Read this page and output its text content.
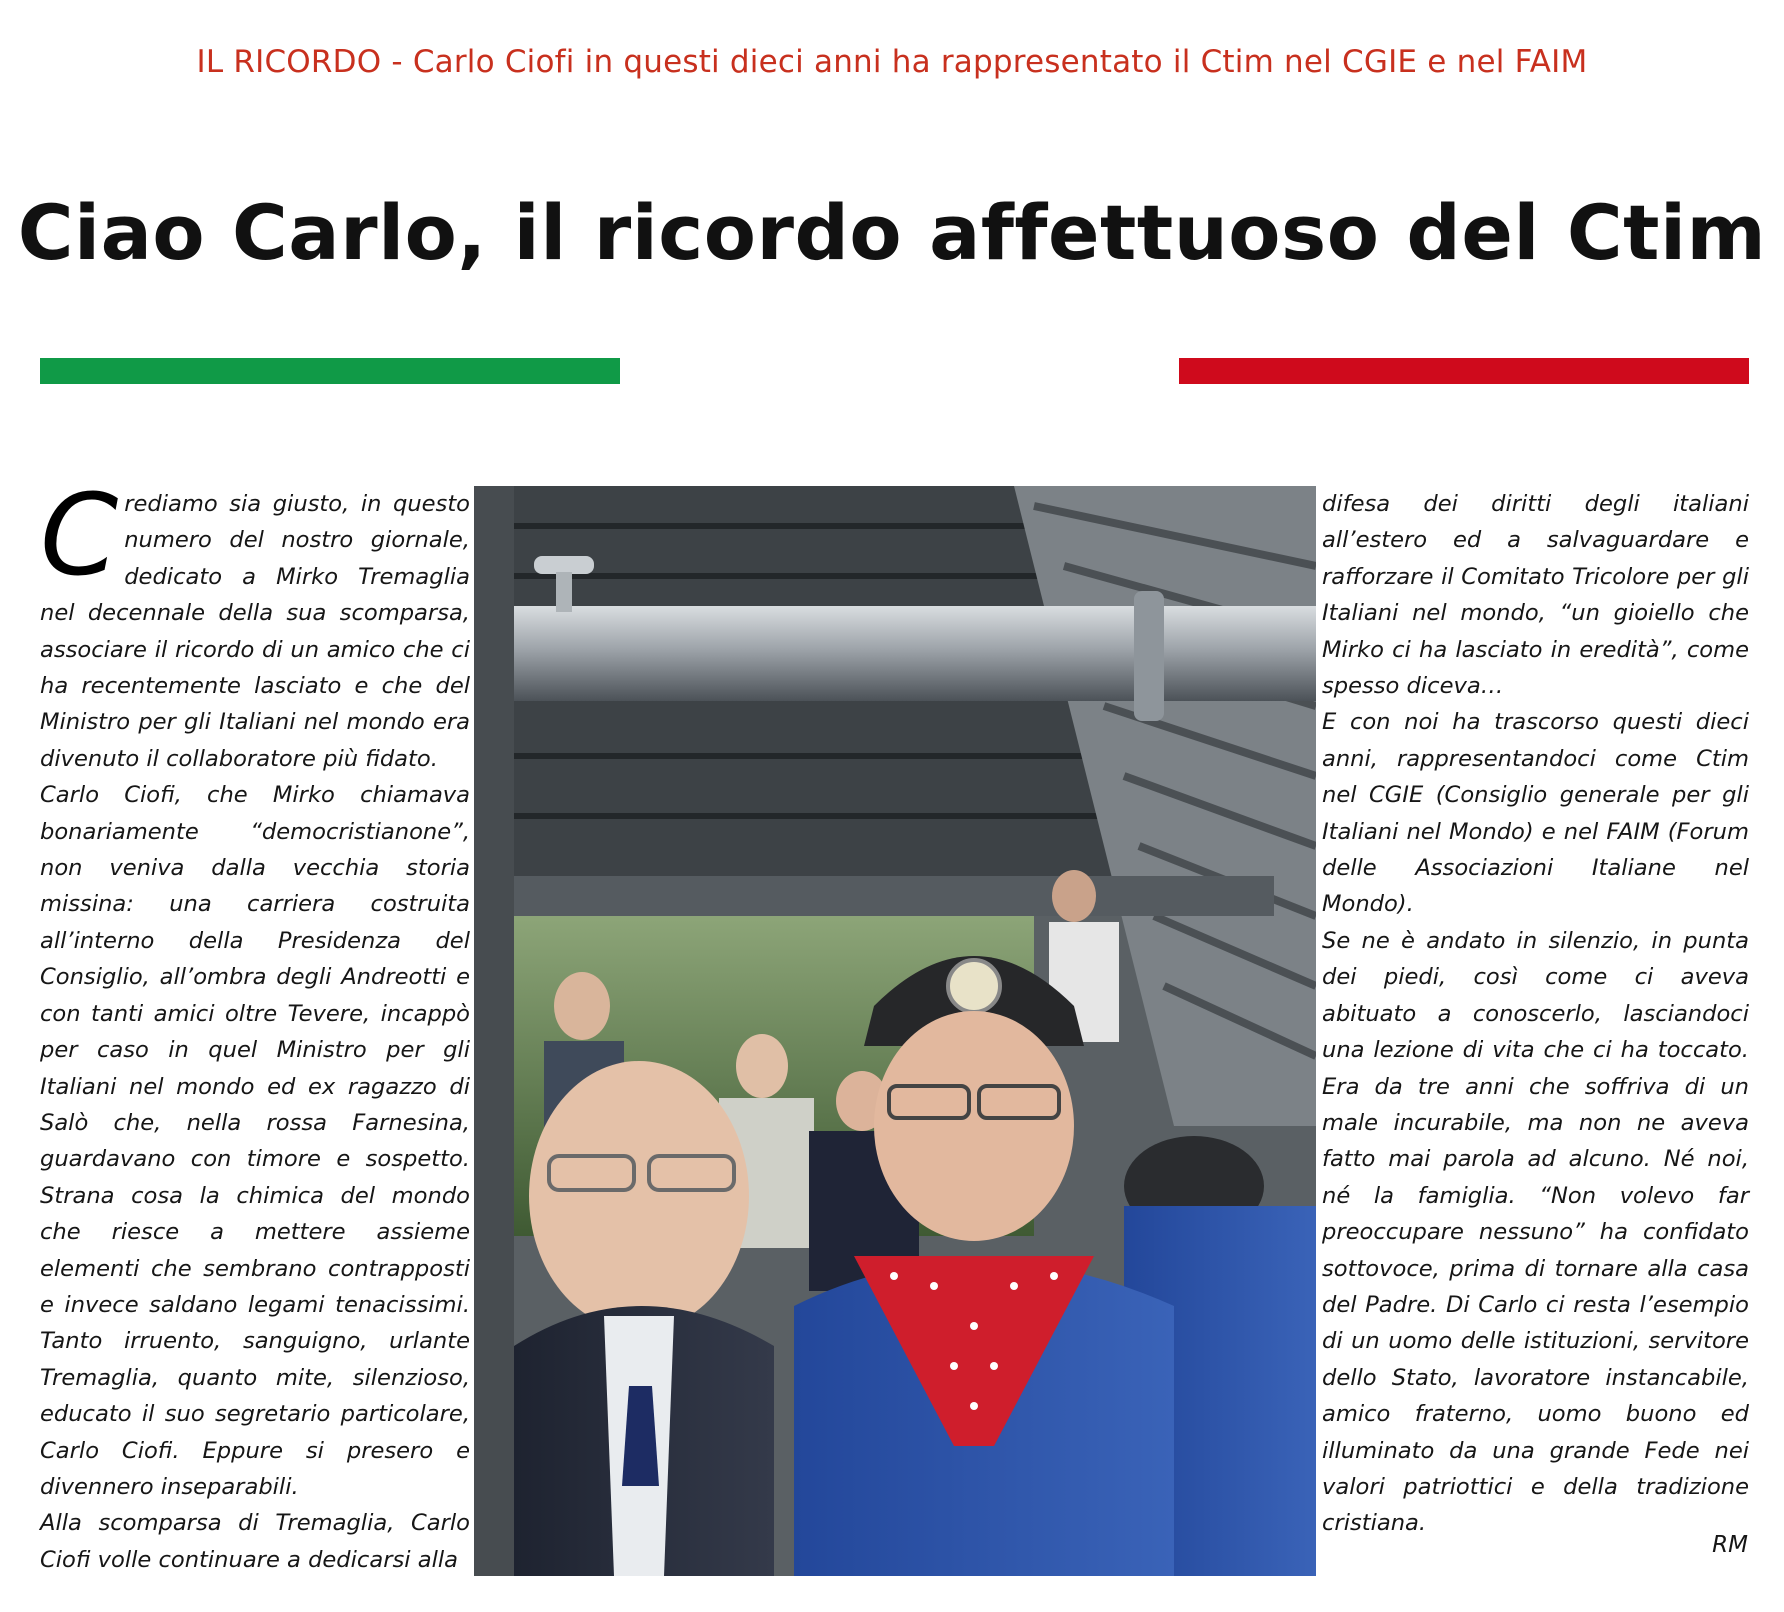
IL RICORDO - Carlo Ciofi in questi dieci anni ha rappresentato il Ctim nel CGIE e nel FAIM
Ciao Carlo, il ricordo affettuoso del Ctim

Crediamo sia giusto, in questo numero del nostro giornale, dedicato a Mirko Tremaglia nel decennale della sua scomparsa, associare il ricordo di un amico che ci ha recentemente lasciato e che del Ministro per gli Italiani nel mondo era divenuto il collaboratore più fidato.

Carlo Ciofi, che Mirko chiamava bonariamente “democristianone”, non veniva dalla vecchia storia missina: una carriera costruita all’interno della Presidenza del Consiglio, all’ombra degli Andreotti e con tanti amici oltre Tevere, incappò per caso in quel Ministro per gli Italiani nel mondo ed ex ragazzo di Salò che, nella rossa Farnesina, guardavano con timore e sospetto. Strana cosa la chimica del mondo che riesce a mettere assieme elementi che sembrano contrapposti e invece saldano legami tenacissimi. Tanto irruento, sanguigno, urlante Tremaglia, quanto mite, silenzioso, educato il suo segretario particolare, Carlo Ciofi. Eppure si presero e divennero inseparabili.

Alla scomparsa di Tremaglia, Carlo Ciofi volle continuare a dedicarsi alla

difesa dei diritti degli italiani all’estero ed a salvaguardare e rafforzare il Comitato Tricolore per gli Italiani nel mondo, “un gioiello che Mirko ci ha lasciato in eredità”, come spesso diceva…

E con noi ha trascorso questi dieci anni, rappresentandoci come Ctim nel CGIE (Consiglio generale per gli Italiani nel Mondo) e nel FAIM (Forum delle Associazioni Italiane nel Mondo).

Se ne è andato in silenzio, in punta dei piedi, così come ci aveva abituato a conoscerlo, lasciandoci una lezione di vita che ci ha toccato. Era da tre anni che soffriva di un male incurabile, ma non ne aveva fatto mai parola ad alcuno. Né noi, né la famiglia. “Non volevo far preoccupare nessuno” ha confidato sottovoce, prima di tornare alla casa del Padre. Di Carlo ci resta l’esempio di un uomo delle istituzioni, servitore dello Stato, lavoratore instancabile, amico fraterno, uomo buono ed illuminato da una grande Fede nei valori patriottici e della tradizione cristiana.

RM
